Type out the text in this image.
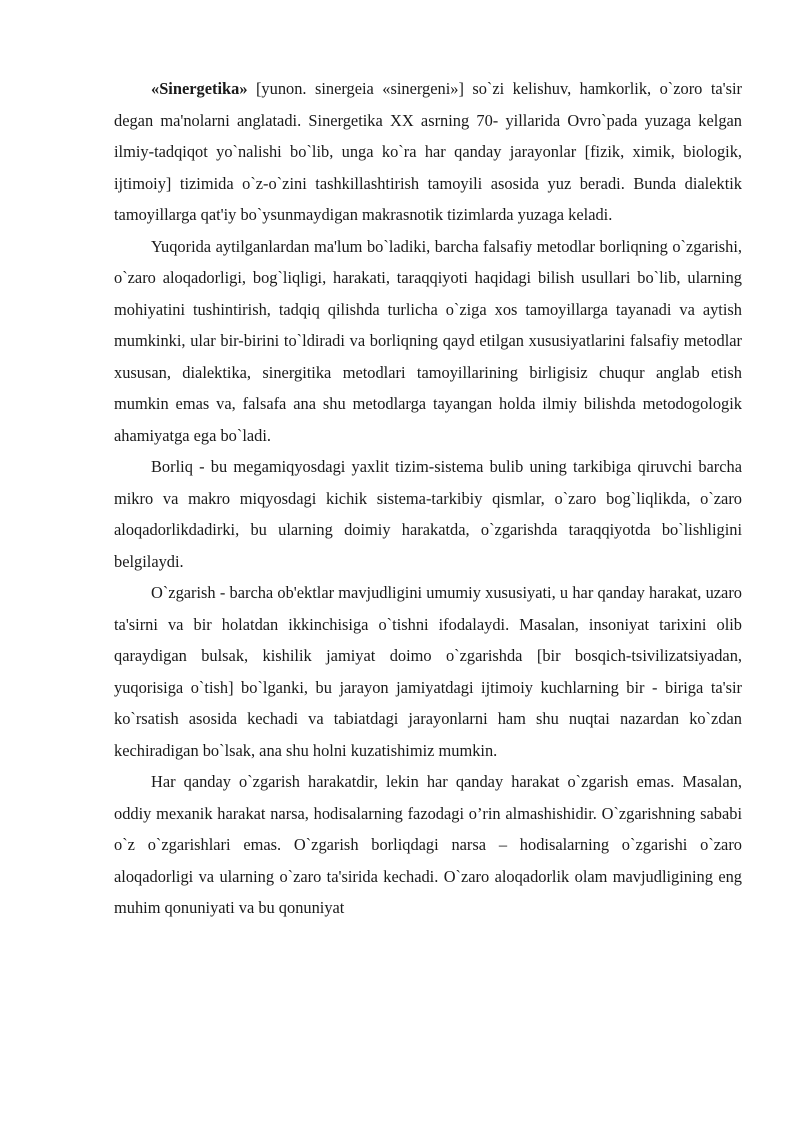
«Sinergetika» [yunon. sinergeia «sinergeni»] so`zi kelishuv, hamkorlik, o`zoro ta'sir degan ma'nolarni anglatadi. Sinergetika XX asrning 70- yillarida Ovro`pada yuzaga kelgan ilmiy-tadqiqot yo`nalishi bo`lib, unga ko`ra har qanday jarayonlar [fizik, ximik, biologik, ijtimoiy] tizimida o`z-o`zini tashkillashtirish tamoyili asosida yuz beradi. Bunda dialektik tamoyillarga qat'iy bo`ysunmaydigan makrasnotik tizimlarda yuzaga keladi.

Yuqorida aytilganlardan ma'lum bo`ladiki, barcha falsafiy metodlar borliqning o`zgarishi, o`zaro aloqadorligi, bog`liqligi, harakati, taraqqiyoti haqidagi bilish usullari bo`lib, ularning mohiyatini tushintirish, tadqiq qilishda turlicha o`ziga xos tamoyillarga tayanadi va aytish mumkinki, ular bir-birini to`ldiradi va borliqning qayd etilgan xususiyatlarini falsafiy metodlar xususan, dialektika, sinergitika metodlari tamoyillarining birligisiz chuqur anglab etish mumkin emas va, falsafa ana shu metodlarga tayangan holda ilmiy bilishda metodogologik ahamiyatga ega bo`ladi.

Borliq - bu megamiqyosdagi yaxlit tizim-sistema bulib uning tarkibiga qiruvchi barcha mikro va makro miqyosdagi kichik sistema-tarkibiy qismlar, o`zaro bog`liqlikda, o`zaro aloqadorlikdadirki, bu ularning doimiy harakatda, o`zgarishda taraqqiyotda bo`lishligini belgilaydi.

O`zgarish - barcha ob'ektlar mavjudligini umumiy xususiyati, u har qanday harakat, uzaro ta'sirni va bir holatdan ikkinchisiga o`tishni ifodalaydi. Masalan, insoniyat tarixini olib qaraydigan bulsak, kishilik jamiyat doimo o`zgarishda [bir bosqich-tsivilizatsiyadan, yuqorisiga o`tish] bo`lganki, bu jarayon jamiyatdagi ijtimoiy kuchlarning bir - biriga ta'sir ko`rsatish asosida kechadi va tabiatdagi jarayonlarni ham shu nuqtai nazardan ko`zdan kechiradigan bo`lsak, ana shu holni kuzatishimiz mumkin.

Har qanday o`zgarish harakatdir, lekin har qanday harakat o`zgarish emas. Masalan, oddiy mexanik harakat narsa, hodisalarning fazodagi o’rin almashishidir. O`zgarishning sababi o`z o`zgarishlari emas. O`zgarish borliqdagi narsa – hodisalarning o`zgarishi o`zaro aloqadorligi va ularning o`zaro ta'sirida kechadi. O`zaro aloqadorlik olam mavjudligining eng muhim qonuniyati va bu qonuniyat
